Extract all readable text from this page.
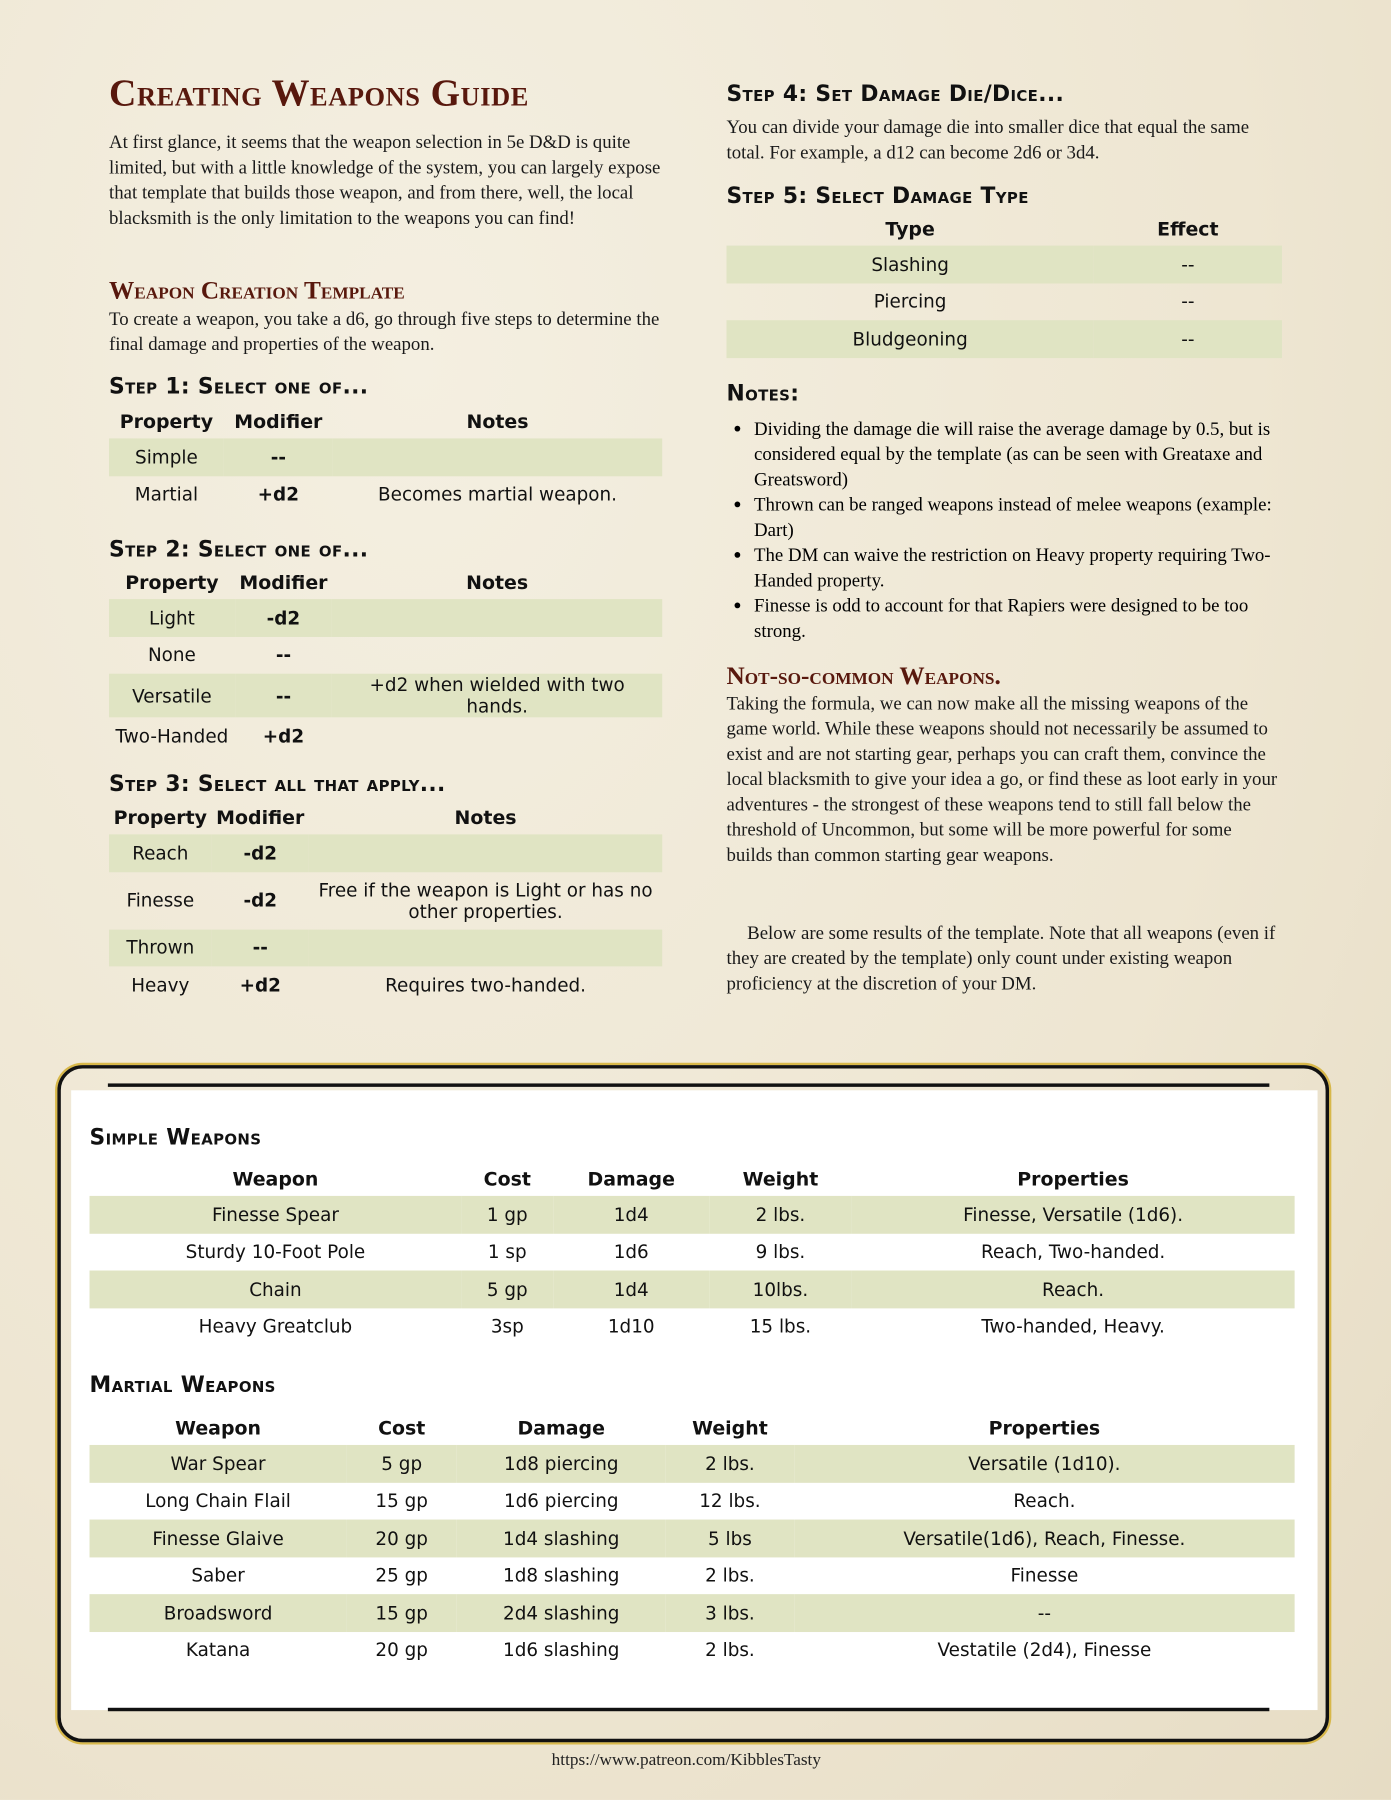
Creating Weapons Guide

At first glance, it seems that the weapon selection in 5e D&D is quite limited, but with a little knowledge of the system, you can largely expose that template that builds those weapon, and from there, well, the local blacksmith is the only limitation to the weapons you can find!

Weapon Creation Template

To create a weapon, you take a d6, go through five steps to determine the final damage and properties of the weapon.

Step 1: Select one of...
Property	Modifier	Notes
Simple	--	
Martial	+d2	Becomes martial weapon.
Step 2: Select one of...
Property	Modifier	Notes
Light	-d2	
None	--	
Versatile	--	+d2 when wielded with two hands.
Two-Handed	+d2	
Step 3: Select all that apply...
Property	Modifier	Notes
Reach	-d2	
Finesse	-d2	Free if the weapon is Light or has no other properties.
Thrown	--	
Heavy	+d2	Requires two-handed.
Step 4: Set Damage Die/Dice...

You can divide your damage die into smaller dice that equal the same total. For example, a d12 can become 2d6 or 3d4.

Step 5: Select Damage Type
Type	Effect
Slashing	--
Piercing	--
Bludgeoning	--
Notes:
• Dividing the damage die will raise the average damage by 0.5, but is considered equal by the template (as can be seen with Greataxe and Greatsword)
• Thrown can be ranged weapons instead of melee weapons (example: Dart)
• The DM can waive the restriction on Heavy property requiring Two-Handed property.
• Finesse is odd to account for that Rapiers were designed to be too strong.
Not-so-common Weapons.

Taking the formula, we can now make all the missing weapons of the game world. While these weapons should not necessarily be assumed to exist and are not starting gear, perhaps you can craft them, convince the local blacksmith to give your idea a go, or find these as loot early in your adventures - the strongest of these weapons tend to still fall below the threshold of Uncommon, but some will be more powerful for some builds than common starting gear weapons.

Below are some results of the template. Note that all weapons (even if they are created by the template) only count under existing weapon proficiency at the discretion of your DM.

Simple Weapons
Weapon	Cost	Damage	Weight	Properties
Finesse Spear	1 gp	1d4	2 lbs.	Finesse, Versatile (1d6).
Sturdy 10-Foot Pole	1 sp	1d6	9 lbs.	Reach, Two-handed.
Chain	5 gp	1d4	10lbs.	Reach.
Heavy Greatclub	3sp	1d10	15 lbs.	Two-handed, Heavy.
Martial Weapons
Weapon	Cost	Damage	Weight	Properties
War Spear	5 gp	1d8 piercing	2 lbs.	Versatile (1d10).
Long Chain Flail	15 gp	1d6 piercing	12 lbs.	Reach.
Finesse Glaive	20 gp	1d4 slashing	5 lbs	Versatile(1d6), Reach, Finesse.
Saber	25 gp	1d8 slashing	2 lbs.	Finesse
Broadsword	15 gp	2d4 slashing	3 lbs.	--
Katana	20 gp	1d6 slashing	2 lbs.	Vestatile (2d4), Finesse
https://www.patreon.com/KibblesTasty
